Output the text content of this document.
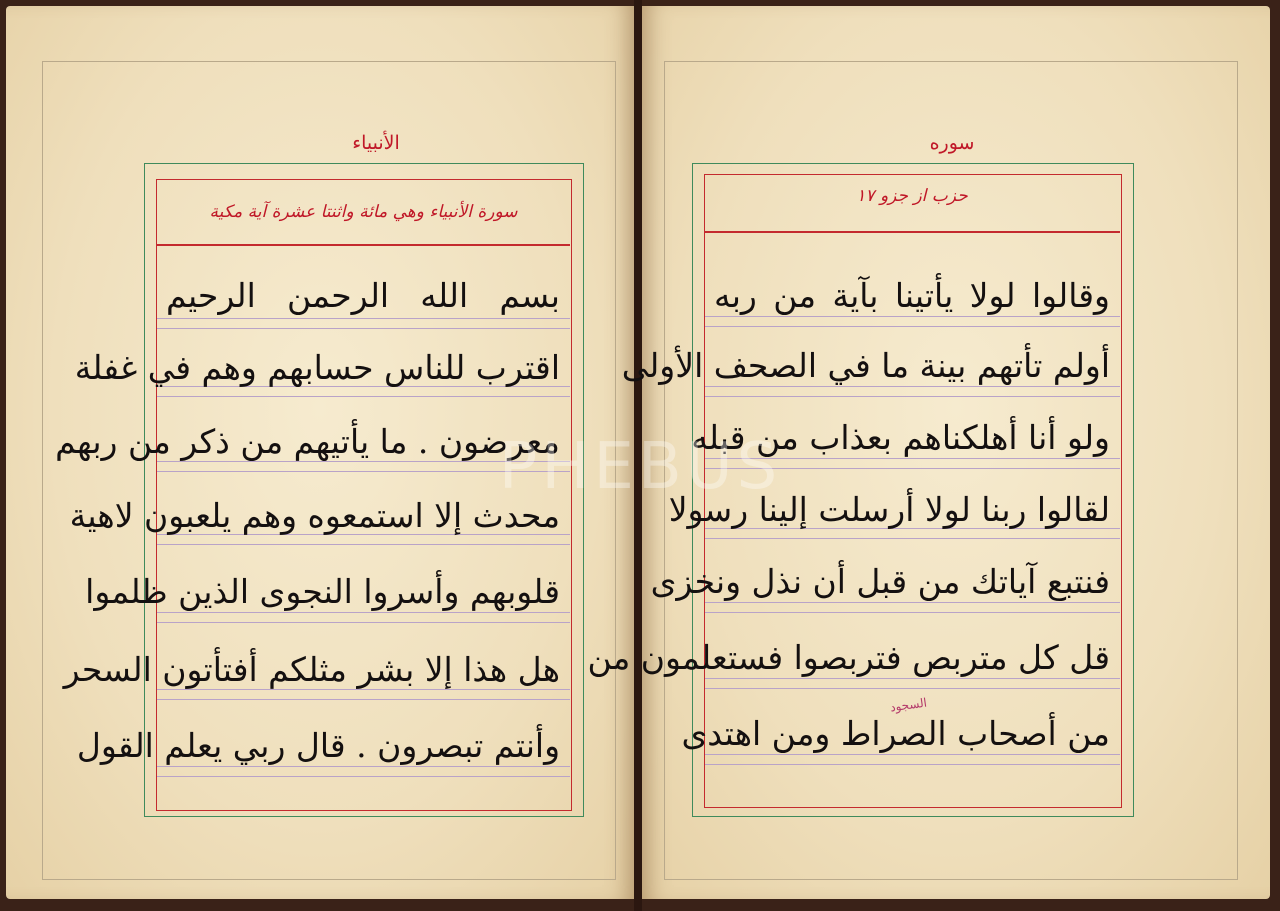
الأنبياء
سورة الأنبياء وهي مائة واثنتا عشرة آية مكية
بسم الله الرحمن الرحيم
اقترب للناس حسابهم وهم في غفلة
معرضون . ما يأتيهم من ذكر من ربهم
محدث إلا استمعوه وهم يلعبون لاهية
قلوبهم وأسروا النجوى الذين ظلموا
هل هذا إلا بشر مثلكم أفتأتون السحر
وأنتم تبصرون . قال ربي يعلم القول
سوره
حزب از جزو ١٧
وقالوا لولا يأتينا بآية من ربه
أولم تأتهم بينة ما في الصحف الأولى
ولو أنا أهلكناهم بعذاب من قبله
لقالوا ربنا لولا أرسلت إلينا رسولا
فنتبع آياتك من قبل أن نذل ونخزى
قل كل متربص فتربصوا فستعلمون من
من أصحاب الصراط ومن اهتدى
السجود
PHEBUS
